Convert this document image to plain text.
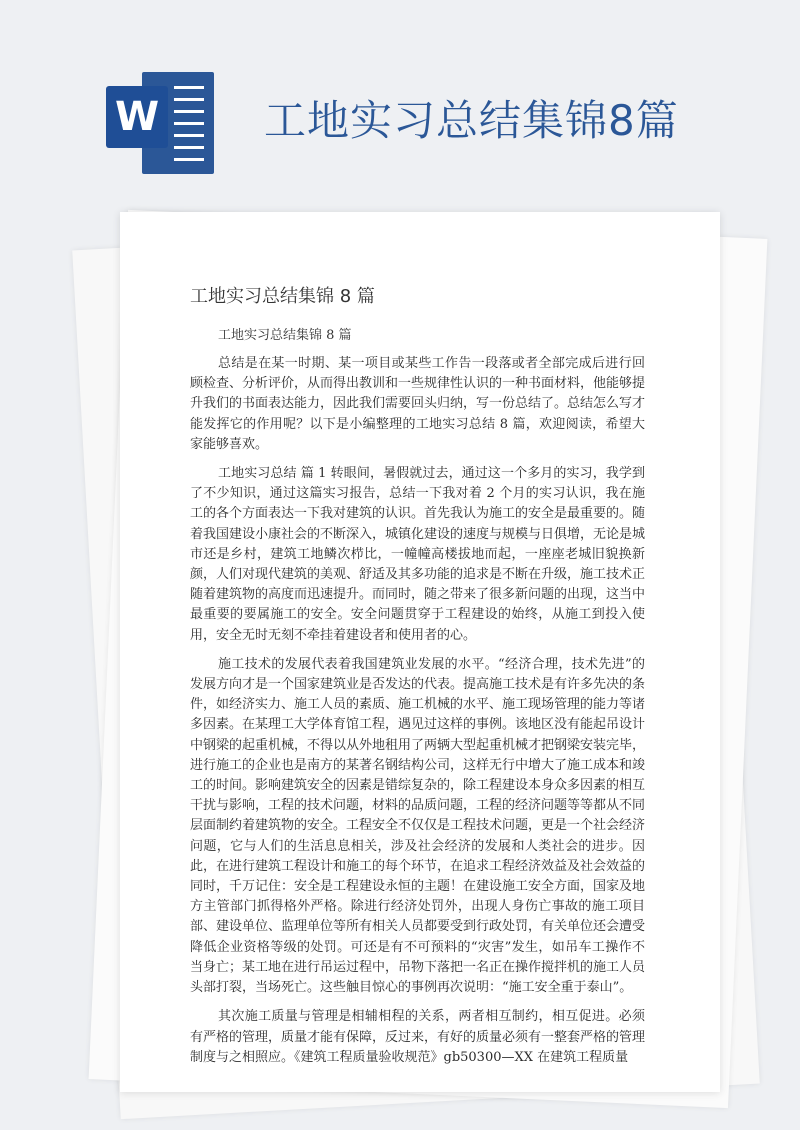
W 工地实习总结集锦8篇
工地实习总结集锦 8 篇

工地实习总结集锦 8 篇

总结是在某一时期、某一项目或某些工作告一段落或者全部完成后进行回顾检查、分析评价，从而得出教训和一些规律性认识的一种书面材料，他能够提升我们的书面表达能力，因此我们需要回头归纳，写一份总结了。总结怎么写才能发挥它的作用呢？以下是小编整理的工地实习总结 8 篇，欢迎阅读，希望大家能够喜欢。

工地实习总结 篇 1 转眼间，暑假就过去，通过这一个多月的实习，我学到了不少知识，通过这篇实习报告，总结一下我对着 2 个月的实习认识，我在施工的各个方面表达一下我对建筑的认识。首先我认为施工的安全是最重要的。随着我国建设小康社会的不断深入，城镇化建设的速度与规模与日俱增，无论是城市还是乡村，建筑工地鳞次栉比，一幢幢高楼拔地而起，一座座老城旧貌换新颜，人们对现代建筑的美观、舒适及其多功能的追求是不断在升级，施工技术正随着建筑物的高度而迅速提升。而同时，随之带来了很多新问题的出现，这当中最重要的要属施工的安全。安全问题贯穿于工程建设的始终，从施工到投入使用，安全无时无刻不牵挂着建设者和使用者的心。

施工技术的发展代表着我国建筑业发展的水平。“经济合理，技术先进”的发展方向才是一个国家建筑业是否发达的代表。提高施工技术是有许多先决的条件，如经济实力、施工人员的素质、施工机械的水平、施工现场管理的能力等诸多因素。在某理工大学体育馆工程，遇见过这样的事例。该地区没有能起吊设计中钢梁的起重机械，不得以从外地租用了两辆大型起重机械才把钢梁安装完毕，进行施工的企业也是南方的某著名钢结构公司，这样无行中增大了施工成本和竣工的时间。影响建筑安全的因素是错综复杂的，除工程建设本身众多因素的相互干扰与影响，工程的技术问题，材料的品质问题，工程的经济问题等等都从不同层面制约着建筑物的安全。工程安全不仅仅是工程技术问题，更是一个社会经济问题，它与人们的生活息息相关，涉及社会经济的发展和人类社会的进步。因此，在进行建筑工程设计和施工的每个环节，在追求工程经济效益及社会效益的同时，千万记住：安全是工程建设永恒的主题！在建设施工安全方面，国家及地方主管部门抓得格外严格。除进行经济处罚外，出现人身伤亡事故的施工项目部、建设单位、监理单位等所有相关人员都要受到行政处罚，有关单位还会遭受降低企业资格等级的处罚。可还是有不可预料的“灾害”发生，如吊车工操作不当身亡；某工地在进行吊运过程中，吊物下落把一名正在操作搅拌机的施工人员头部打裂，当场死亡。这些触目惊心的事例再次说明：“施工安全重于泰山”。

其次施工质量与管理是相辅相程的关系，两者相互制约，相互促进。必须有严格的管理，质量才能有保障，反过来，有好的质量必须有一整套严格的管理制度与之相照应。《建筑工程质量验收规范》gb50300—XX 在建筑工程质量
